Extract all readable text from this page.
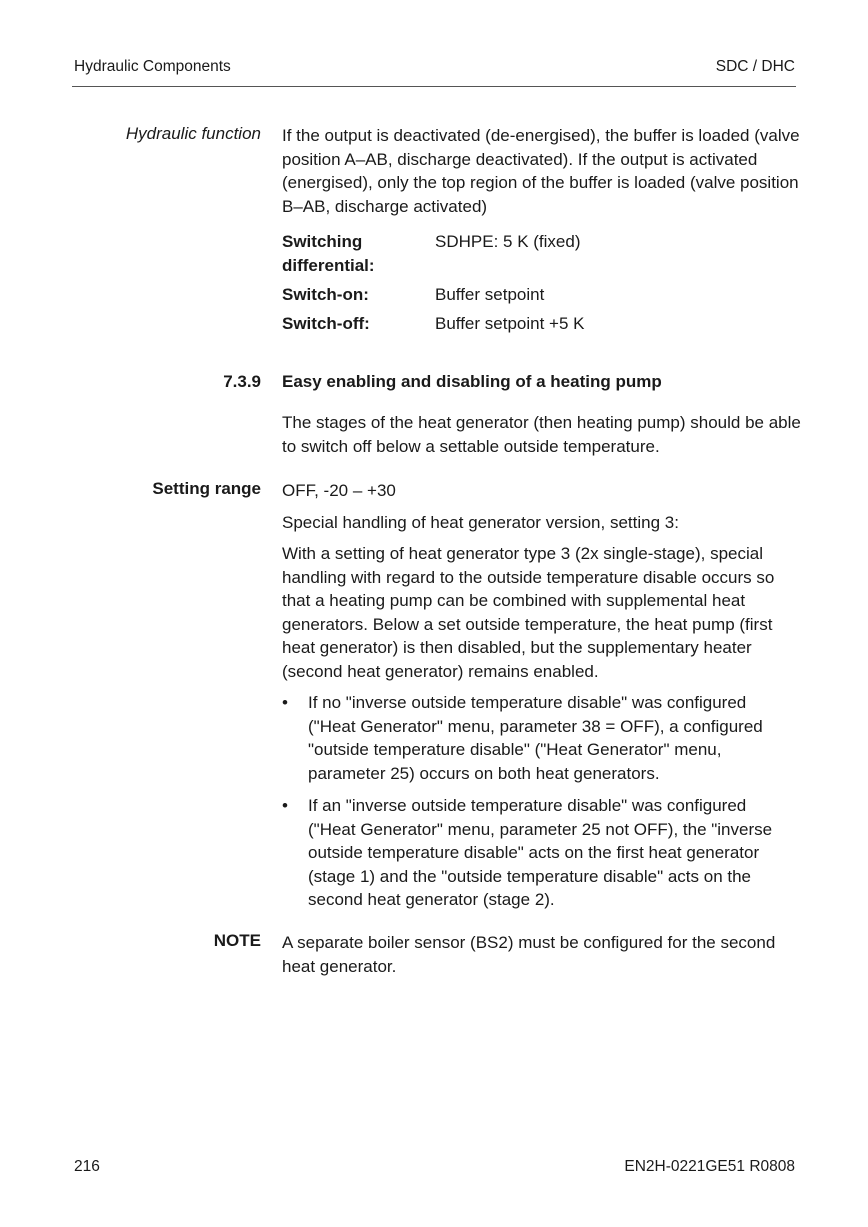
Hydraulic Components	SDC / DHC
Hydraulic function If the output is deactivated (de-energised), the buffer is loaded (valve position A–AB, discharge deactivated). If the output is activated (energised), only the top region of the buffer is loaded (valve position B–AB, discharge activated)
Switching differential:
SDHPE: 5 K (fixed)
Switch-on:	Buffer setpoint
Switch-off:	Buffer setpoint +5 K
7.3.9 Easy enabling and disabling of a heating pump
The stages of the heat generator (then heating pump) should be able to switch off below a settable outside temperature.
Setting range OFF, -20 – +30
Special handling of heat generator version, setting 3:
With a setting of heat generator type 3 (2x single-stage), special handling with regard to the outside temperature disable occurs so that a heating pump can be combined with supplemental heat generators. Below a set outside temperature, the heat pump (first heat generator) is then disabled, but the supplementary heater (second heat generator) remains enabled.
• If no "inverse outside temperature disable" was configured ("Heat Generator" menu, parameter 38 = OFF), a configured "outside temperature disable" ("Heat Generator" menu, parameter 25) occurs on both heat generators.
• If an "inverse outside temperature disable" was configured ("Heat Generator" menu, parameter 25 not OFF), the "inverse outside temperature disable" acts on the first heat generator (stage 1) and the "outside temperature disable" acts on the second heat generator (stage 2).
NOTE A separate boiler sensor (BS2) must be configured for the second heat generator.
216	EN2H-0221GE51 R0808
